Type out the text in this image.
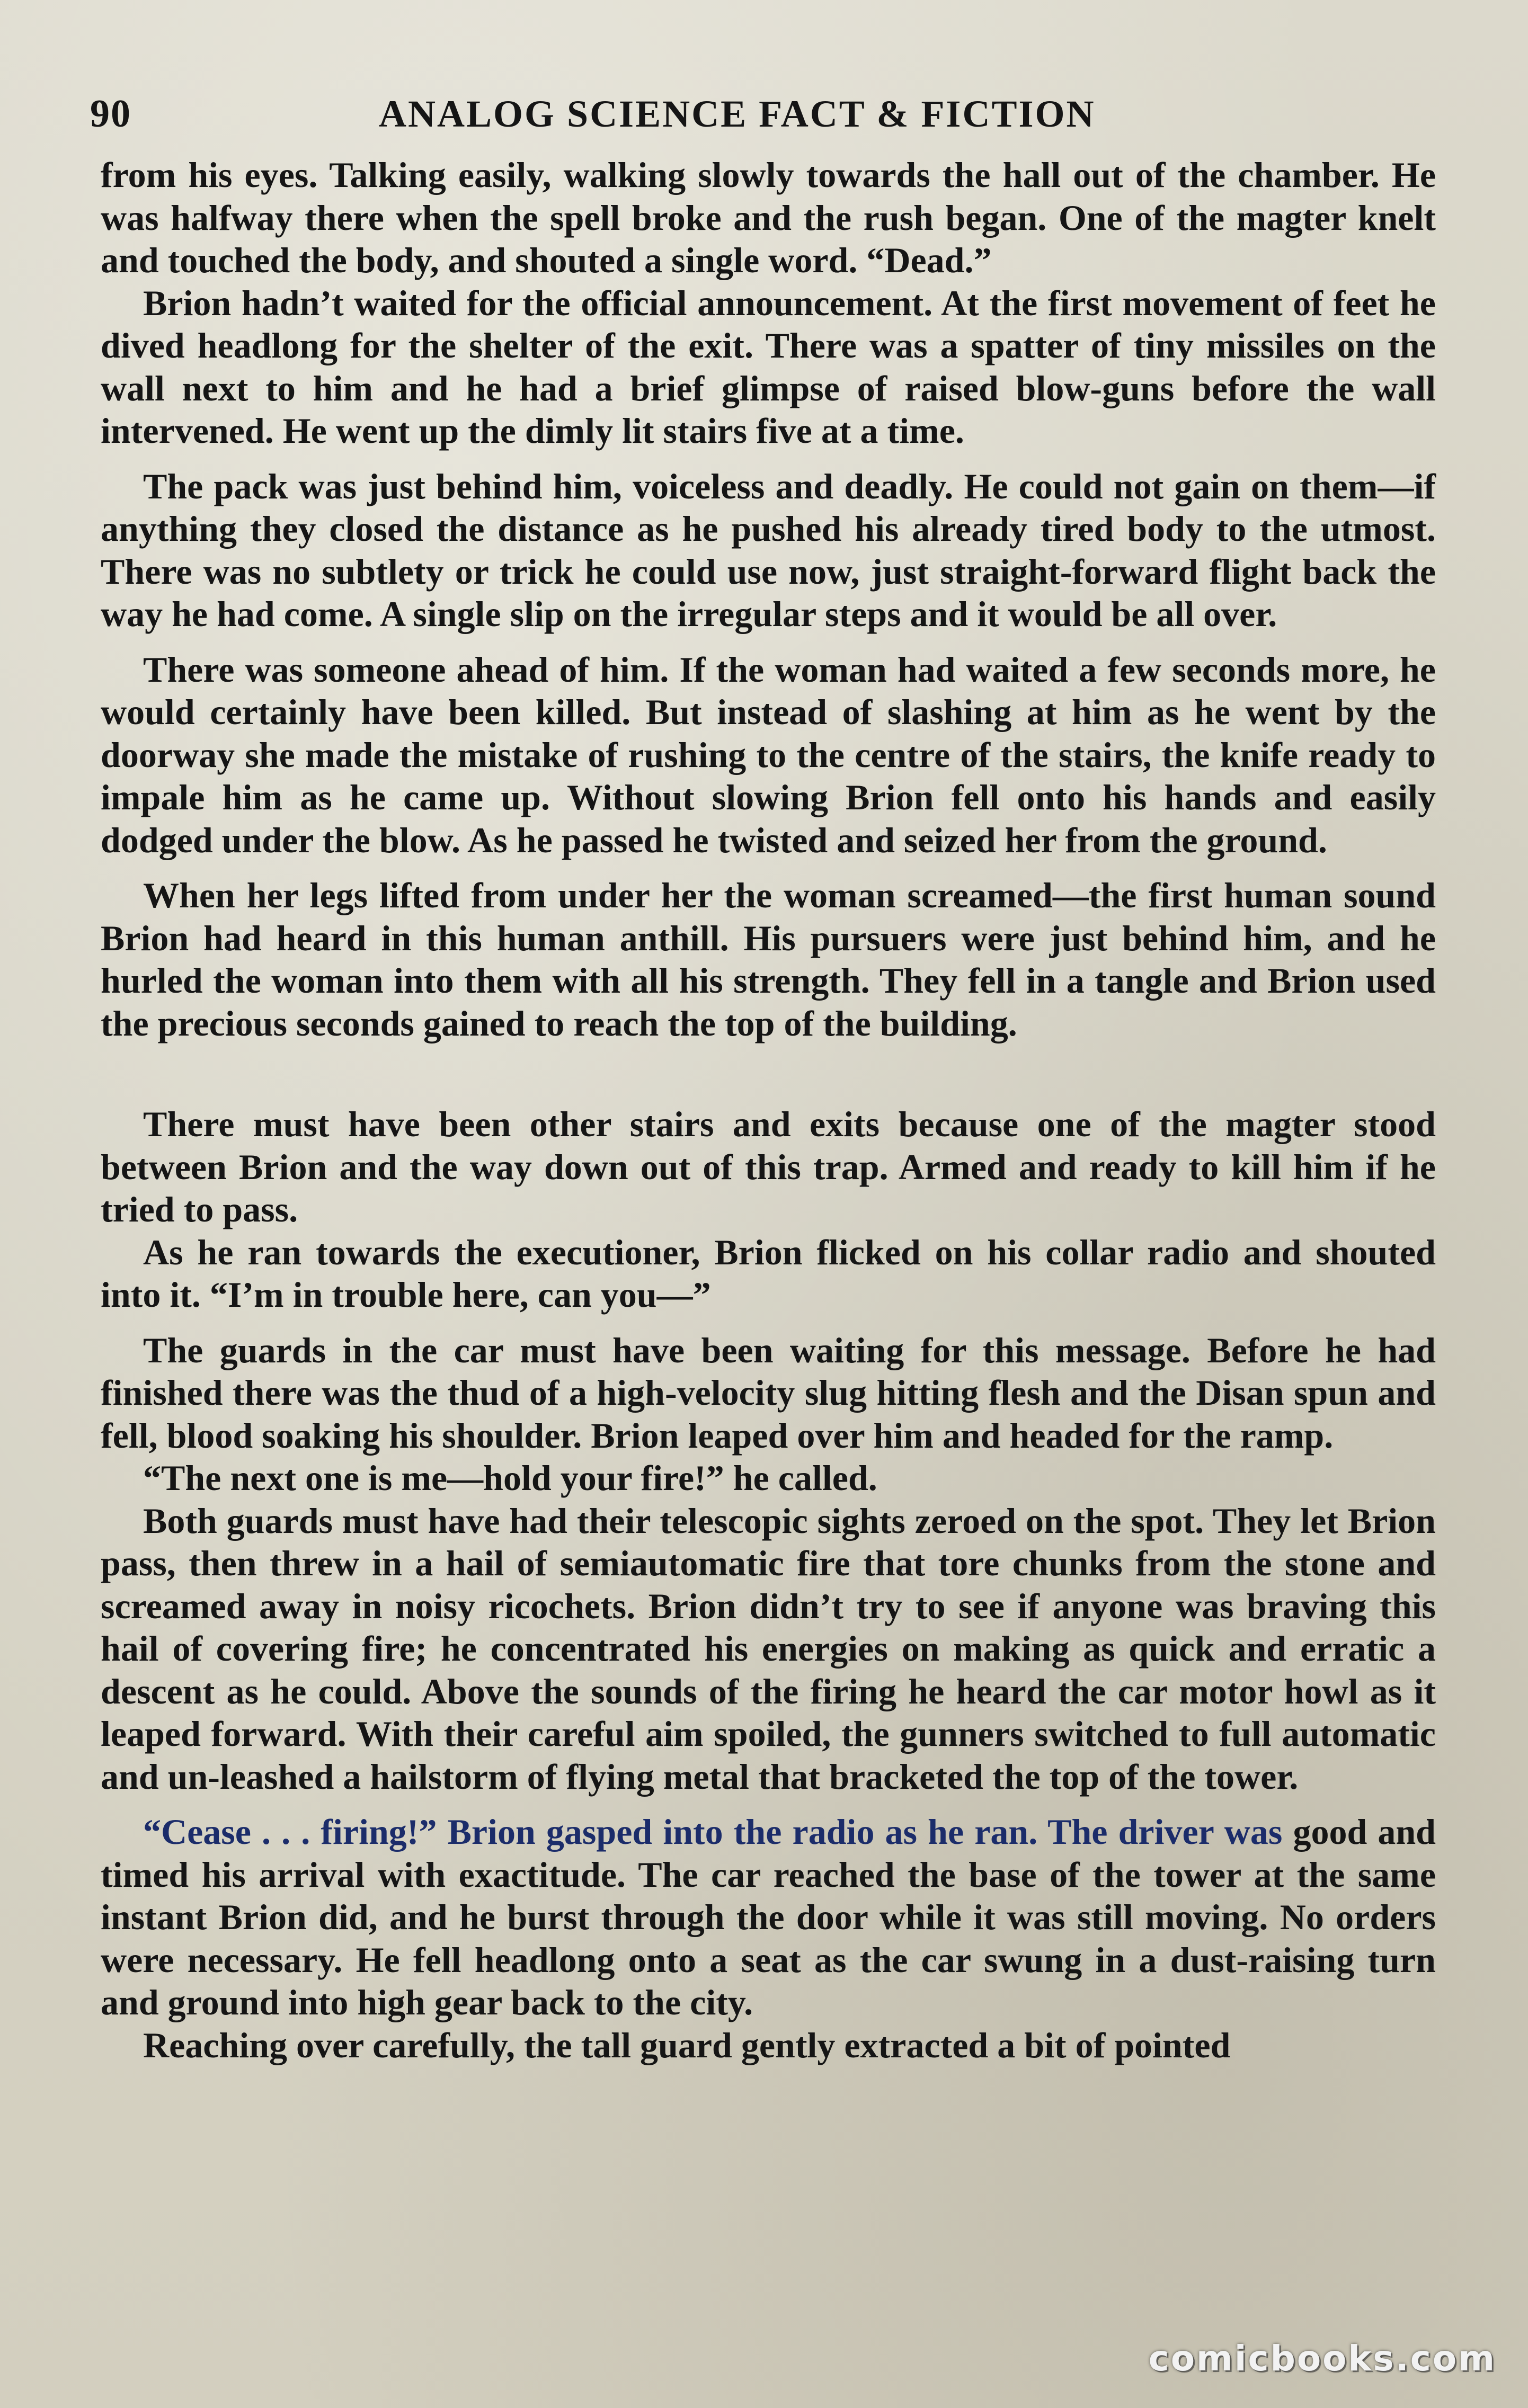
90	ANALOG SCIENCE FACT & FICTION

from his eyes. Talking easily, walking slowly towards the hall out of the chamber. He was halfway there when the spell broke and the rush began. One of the magter knelt and touched the body, and shouted a single word. “Dead.”

Brion hadn’t waited for the official announcement. At the first movement of feet he dived headlong for the shelter of the exit. There was a spatter of tiny missiles on the wall next to him and he had a brief glimpse of raised blow-guns before the wall intervened. He went up the dimly lit stairs five at a time.

The pack was just behind him, voiceless and deadly. He could not gain on them—if anything they closed the distance as he pushed his already tired body to the utmost. There was no subtlety or trick he could use now, just straight-forward flight back the way he had come. A single slip on the irregular steps and it would be all over.

There was someone ahead of him. If the woman had waited a few seconds more, he would certainly have been killed. But instead of slashing at him as he went by the doorway she made the mistake of rushing to the centre of the stairs, the knife ready to impale him as he came up. Without slowing Brion fell onto his hands and easily dodged under the blow. As he passed he twisted and seized her from the ground.

When her legs lifted from under her the woman screamed—the first human sound Brion had heard in this human anthill. His pursuers were just behind him, and he hurled the woman into them with all his strength. They fell in a tangle and Brion used the precious seconds gained to reach the top of the building.

There must have been other stairs and exits because one of the magter stood between Brion and the way down out of this trap. Armed and ready to kill him if he tried to pass.

As he ran towards the executioner, Brion flicked on his collar radio and shouted into it. “I’m in trouble here, can you—”

The guards in the car must have been waiting for this message. Before he had finished there was the thud of a high-velocity slug hitting flesh and the Disan spun and fell, blood soaking his shoulder. Brion leaped over him and headed for the ramp.

“The next one is me—hold your fire!” he called.

Both guards must have had their telescopic sights zeroed on the spot. They let Brion pass, then threw in a hail of semiautomatic fire that tore chunks from the stone and screamed away in noisy ricochets. Brion didn’t try to see if anyone was braving this hail of covering fire; he concentrated his energies on making as quick and erratic a descent as he could. Above the sounds of the firing he heard the car motor howl as it leaped forward. With their careful aim spoiled, the gunners switched to full automatic and un-leashed a hailstorm of flying metal that bracketed the top of the tower.

“Cease . . . firing!” Brion gasped into the radio as he ran. The driver was good and timed his arrival with exactitude. The car reached the base of the tower at the same instant Brion did, and he burst through the door while it was still moving. No orders were necessary. He fell headlong onto a seat as the car swung in a dust-raising turn and ground into high gear back to the city.

Reaching over carefully, the tall guard gently extracted a bit of pointed

comicbooks.com
